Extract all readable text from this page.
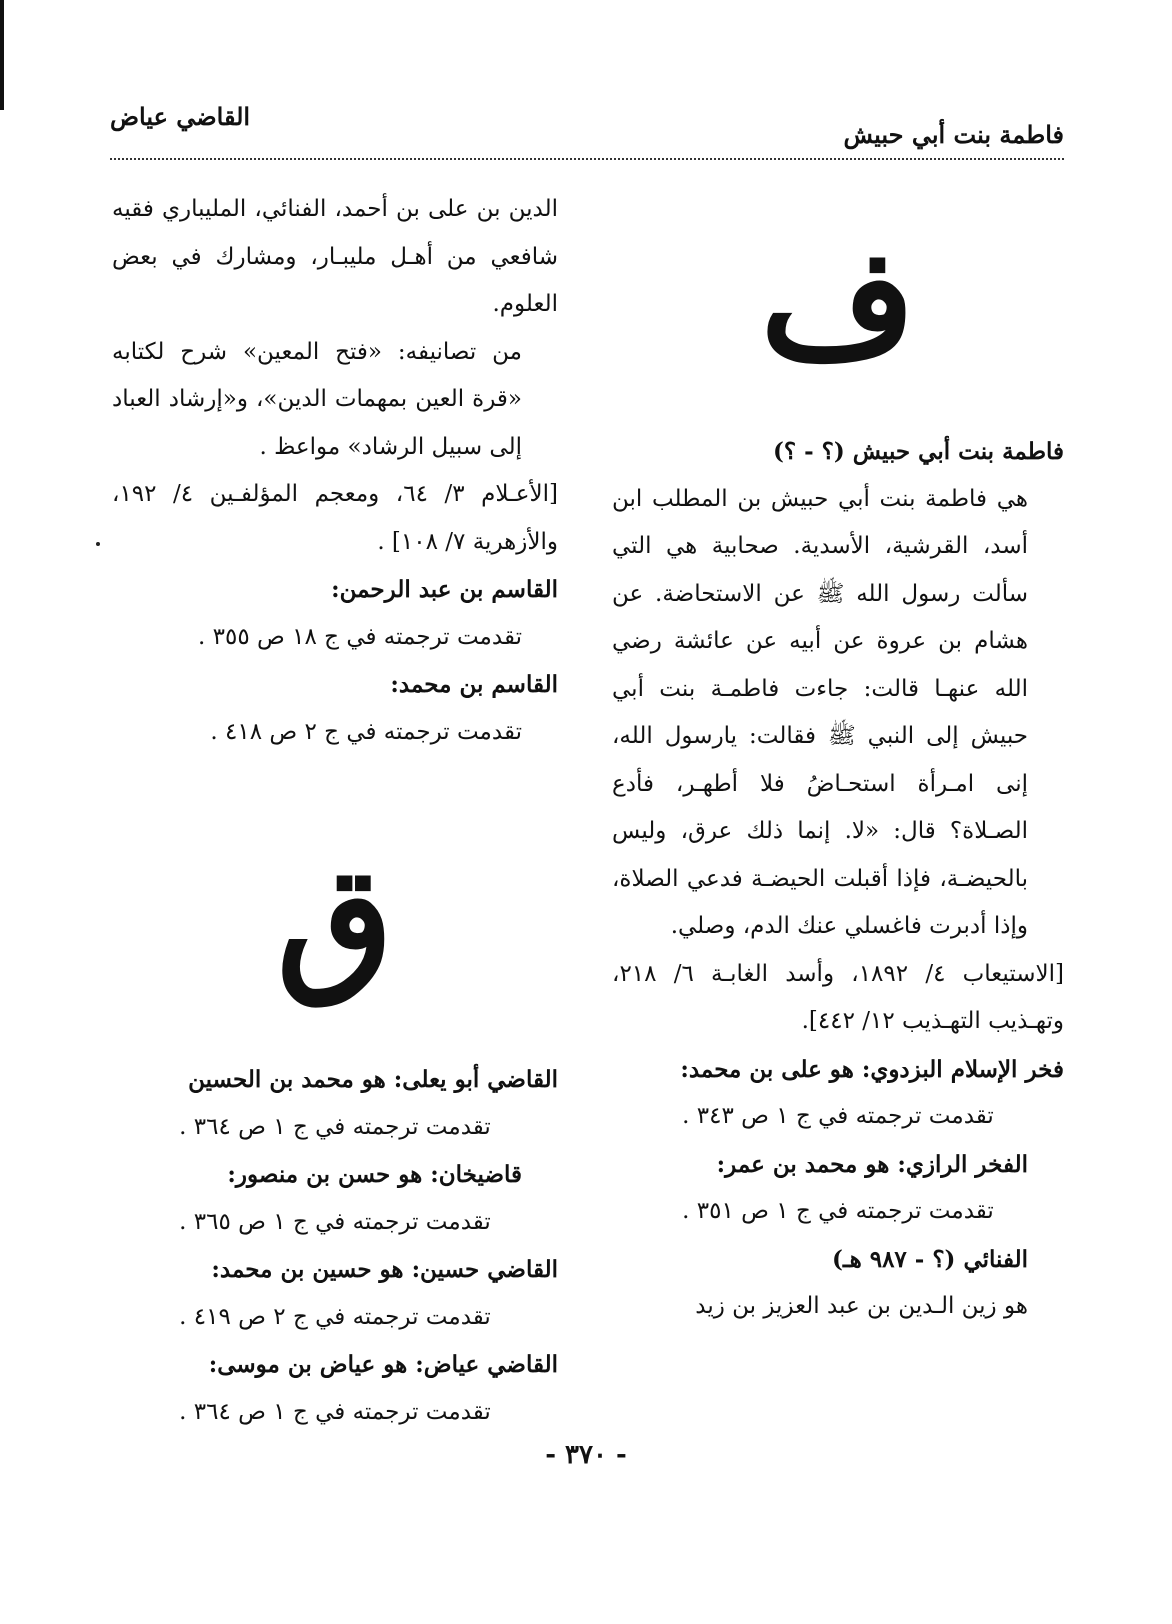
فاطمة بنت أبي حبيش
القاضي عياض
ف

فاطمة بنت أبي حبيش (؟ - ؟)

هي فاطمة بنت أبي حبيش بن المطلب ابن أسد، القرشية، الأسدية. صحابية هي التي سألت رسول الله ﷺ عن الاستحاضة. عن هشام بن عروة عن أبيه عن عائشة رضي الله عنهـا قالت: جاءت فاطمـة بنت أبي حبيش إلى النبي ﷺ فقالت: يارسول الله، إنى امـرأة استحـاضُ فلا أطهـر، فأدع الصـلاة؟ قال: «لا. إنما ذلك عرق، وليس بالحيضـة، فإذا أقبلت الحيضـة فدعي الصلاة، وإذا أدبرت فاغسلي عنك الدم، وصلي.

[الاستيعاب ٤/ ١٨٩٢، وأسد الغابـة ٦/ ٢١٨، وتهـذيب التهـذيب ١٢/ ٤٤٢].

فخر الإسلام البزدوي: هو على بن محمد:

تقدمت ترجمته في ج ١ ص ٣٤٣ .

الفخر الرازي: هو محمد بن عمر:

تقدمت ترجمته في ج ١ ص ٣٥١ .

الفنائي (؟ - ٩٨٧ هـ)

هو زين الـدين بن عبد العزيز بن زيد

الدين بن على بن أحمد، الفنائي، المليباري فقيه شافعي من أهـل مليبـار، ومشارك في بعض العلوم.

من تصانيفه: «فتح المعين» شرح لكتابه «قرة العين بمهمات الدين»، و«إرشاد العباد إلى سبيل الرشاد» مواعظ .

[الأعـلام ٣/ ٦٤، ومعجم المؤلفـين ٤/ ١٩٢، والأزهرية ٧/ ١٠٨] .

القاسم بن عبد الرحمن:

تقدمت ترجمته في ج ١٨ ص ٣٥٥ .

القاسم بن محمد:

تقدمت ترجمته في ج ٢ ص ٤١٨ .

ق

القاضي أبو يعلى: هو محمد بن الحسين

تقدمت ترجمته في ج ١ ص ٣٦٤ .

قاضيخان: هو حسن بن منصور:

تقدمت ترجمته في ج ١ ص ٣٦٥ .

القاضي حسين: هو حسين بن محمد:

تقدمت ترجمته في ج ٢ ص ٤١٩ .

القاضي عياض: هو عياض بن موسى:

تقدمت ترجمته في ج ١ ص ٣٦٤ .

- ٣٧٠ -
